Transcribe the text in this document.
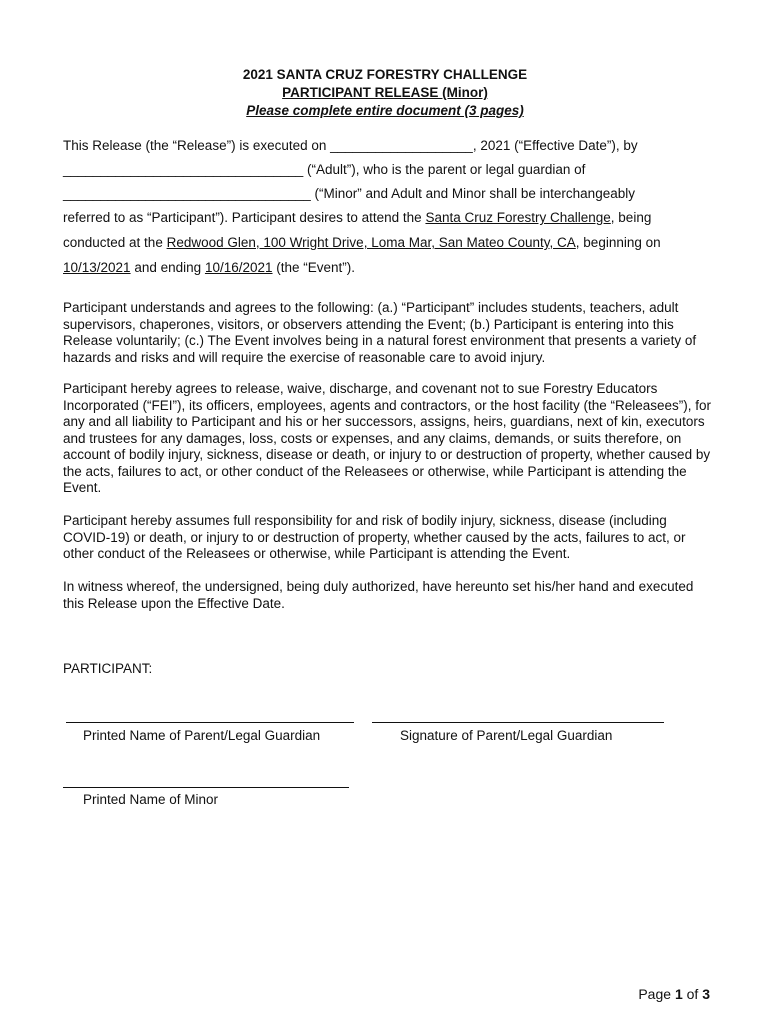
2021 SANTA CRUZ FORESTRY CHALLENGE
PARTICIPANT RELEASE (Minor)
Please complete entire document (3 pages)
This Release (the “Release”) is executed on ___________________, 2021 (“Effective Date”), by
________________________________ (“Adult”), who is the parent or legal guardian of
_________________________________ (“Minor” and Adult and Minor shall be interchangeably
referred to as “Participant”). Participant desires to attend the Santa Cruz Forestry Challenge, being
conducted at the Redwood Glen, 100 Wright Drive, Loma Mar, San Mateo County, CA, beginning on
10/13/2021 and ending 10/16/2021 (the “Event”).
Participant understands and agrees to the following: (a.) “Participant” includes students, teachers, adult supervisors, chaperones, visitors, or observers attending the Event; (b.) Participant is entering into this Release voluntarily; (c.) The Event involves being in a natural forest environment that presents a variety of hazards and risks and will require the exercise of reasonable care to avoid injury.
Participant hereby agrees to release, waive, discharge, and covenant not to sue Forestry Educators Incorporated (“FEI”), its officers, employees, agents and contractors, or the host facility (the “Releasees”), for any and all liability to Participant and his or her successors, assigns, heirs, guardians, next of kin, executors and trustees for any damages, loss, costs or expenses, and any claims, demands, or suits therefore, on account of bodily injury, sickness, disease or death, or injury to or destruction of property, whether caused by the acts, failures to act, or other conduct of the Releasees or otherwise, while Participant is attending the Event.
Participant hereby assumes full responsibility for and risk of bodily injury, sickness, disease (including COVID-19) or death, or injury to or destruction of property, whether caused by the acts, failures to act, or other conduct of the Releasees or otherwise, while Participant is attending the Event.
In witness whereof, the undersigned, being duly authorized, have hereunto set his/her hand and executed this Release upon the Effective Date.
PARTICIPANT:
Printed Name of Parent/Legal Guardian	Signature of Parent/Legal Guardian
Printed Name of Minor
Page 1 of 3
